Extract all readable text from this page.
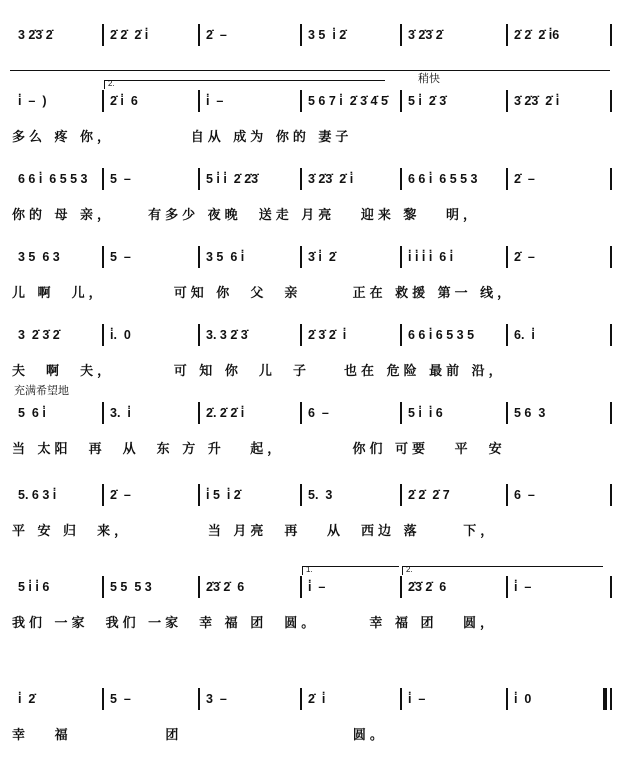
3 2̇3̇ 2̇	2̇ 2̇  2̇ i̇	2̇  –	3 5  i̇ 2̇	3̇ 2̇3̇ 2̇	2̇ 2̇  2̇ i̇6
i̇  –  )	2̇ i̇  6	i̇  –	5 6 7 i̇  2̇ 3̇ 4̇ 5̇ 5 i̇  2̇ 3̇	3̇ 2̇3̇  2̇ i̇
多么 疼 你，         自从 成为 你的 妻子
稍快
2.
6 6 i̇  6 5 5 3 5  –	5 i̇ i̇  2̇ 2̇3̇	3̇ 2̇3̇  2̇ i̇	6 6 i̇  6 5 5 3	2̇  –
你的 母 亲，    有多少 夜晚  送走 月亮   迎来 黎   明，
3 5  6 3	5  –	3 5  6 i̇	3̇ i̇  2̇	i̇ i̇ i̇ i̇  6 i̇	2̇  –
儿 啊  儿，        可知 你  父  亲      正在 救援 第一 线，
3  2̇ 3̇ 2̇	i̇.  0	3. 3 2̇ 3̇	2̇ 3̇ 2̇  i̇	6 6 i̇ 6 5 3 5	6.  i̇
夫  啊  夫，       可 知 你  儿  子    也在 危险 最前 沿，
5  6 i̇	3.  i̇	2̇. 2̇ 2̇ i̇	6  –	5 i̇  i̇ 6	5 6  3
当 太阳  再  从  东 方 升   起，        你们 可要   平  安
充满希望地
5. 6 3 i̇	2̇  –	i̇ 5  i̇ 2̇	5.  3	2̇ 2̇  2̇ 7	6  –
平 安 归  来，         当 月亮  再   从  西边 落     下，
5 i̇ i̇ 6	5 5  5 3	2̇3̇ 2̇  6	i̇  –	2̇3̇ 2̇  6	i̇  –
我们 一家  我们 一家  幸 福 团  圆。      幸 福 团   圆，
1.	2.
i̇  2̇	5  –	3  –	2̇  i̇	i̇  –	i̇  0
幸   福           团                    圆。
